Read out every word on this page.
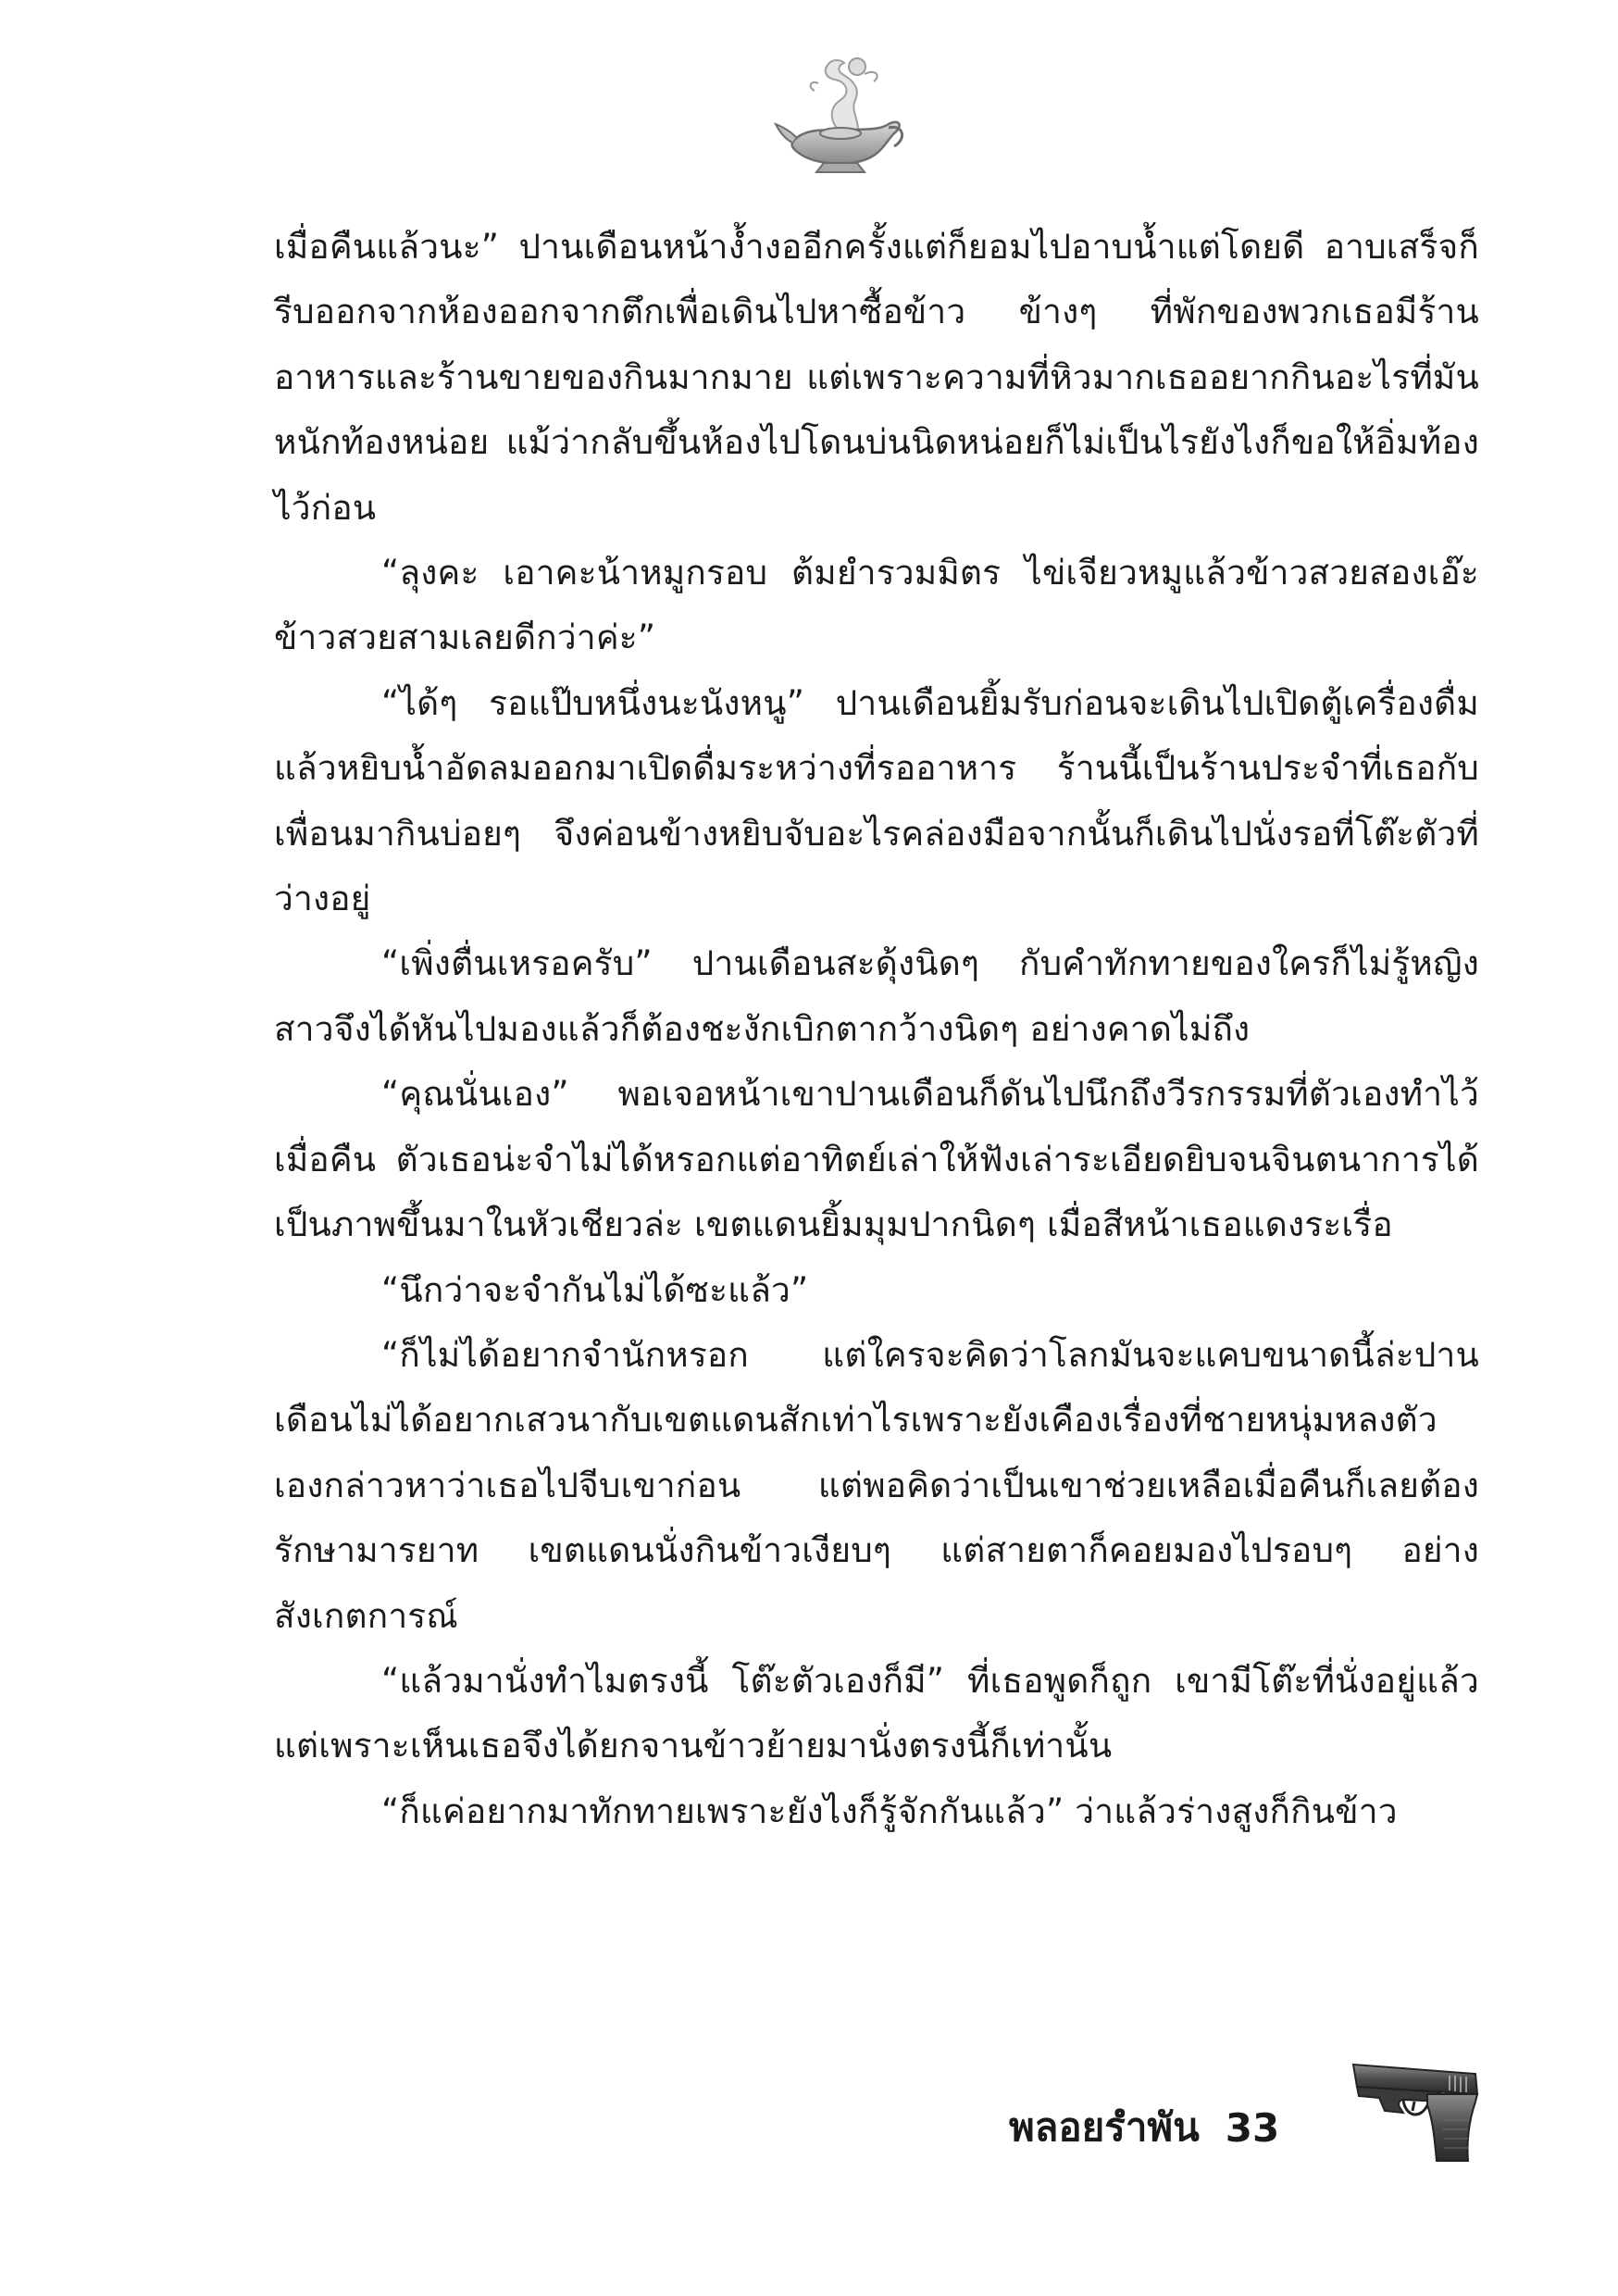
เมื่อคืนแล้วนะ” ปานเดือนหน้างํ้างออีกครั้งแต่ก็ยอมไปอาบนํ้าแต่โดยดี อาบเสร็จก็รีบออกจากห้องออกจากตึกเพื่อเดินไปหาซื้อข้าว ข้างๆ ที่พักของพวกเธอมีร้านอาหารและร้านขายของกินมากมาย แต่เพราะความที่หิวมากเธออยากกินอะไรที่มันหนักท้องหน่อย แม้ว่ากลับขึ้นห้องไปโดนบ่นนิดหน่อยก็ไม่เป็นไรยังไงก็ขอให้อิ่มท้องไว้ก่อน

“ลุงคะ เอาคะน้าหมูกรอบ ต้มยํารวมมิตร ไข่เจียวหมูแล้วข้าวสวยสองเอ๊ะ ข้าวสวยสามเลยดีกว่าค่ะ”

“ได้ๆ รอแป๊บหนึ่งนะนังหนู” ปานเดือนยิ้มรับก่อนจะเดินไปเปิดตู้เครื่องดื่มแล้วหยิบนํ้าอัดลมออกมาเปิดดื่มระหว่างที่รออาหาร ร้านนี้เป็นร้านประจําที่เธอกับเพื่อนมากินบ่อยๆ จึงค่อนข้างหยิบจับอะไรคล่องมือจากนั้นก็เดินไปนั่งรอที่โต๊ะตัวที่ว่างอยู่

“เพิ่งตื่นเหรอครับ” ปานเดือนสะดุ้งนิดๆ กับคําทักทายของใครก็ไม่รู้หญิงสาวจึงได้หันไปมองแล้วก็ต้องชะงักเบิกตากว้างนิดๆ อย่างคาดไม่ถึง

“คุณนั่นเอง” พอเจอหน้าเขาปานเดือนก็ดันไปนึกถึงวีรกรรมที่ตัวเองทําไว้เมื่อคืน ตัวเธอน่ะจําไม่ได้หรอกแต่อาทิตย์เล่าให้ฟังเล่าระเอียดยิบจนจินตนาการได้เป็นภาพขึ้นมาในหัวเชียวล่ะ เขตแดนยิ้มมุมปากนิดๆ เมื่อสีหน้าเธอแดงระเรื่อ

“นึกว่าจะจํากันไม่ได้ซะแล้ว”

“ก็ไม่ได้อยากจํานักหรอก แต่ใครจะคิดว่าโลกมันจะแคบขนาดนี้ล่ะปานเดือนไม่ได้อยากเสวนากับเขตแดนสักเท่าไรเพราะยังเคืองเรื่องที่ชายหนุ่มหลงตัวเองกล่าวหาว่าเธอไปจีบเขาก่อน แต่พอคิดว่าเป็นเขาช่วยเหลือเมื่อคืนก็เลยต้องรักษามารยาท เขตแดนนั่งกินข้าวเงียบๆ แต่สายตาก็คอยมองไปรอบๆ อย่างสังเกตการณ์

“แล้วมานั่งทําไมตรงนี้ โต๊ะตัวเองก็มี” ที่เธอพูดก็ถูก เขามีโต๊ะที่นั่งอยู่แล้วแต่เพราะเห็นเธอจึงได้ยกจานข้าวย้ายมานั่งตรงนี้ก็เท่านั้น

“ก็แค่อยากมาทักทายเพราะยังไงก็รู้จักกันแล้ว” ว่าแล้วร่างสูงก็กินข้าว

พลอยรําพัน 33
